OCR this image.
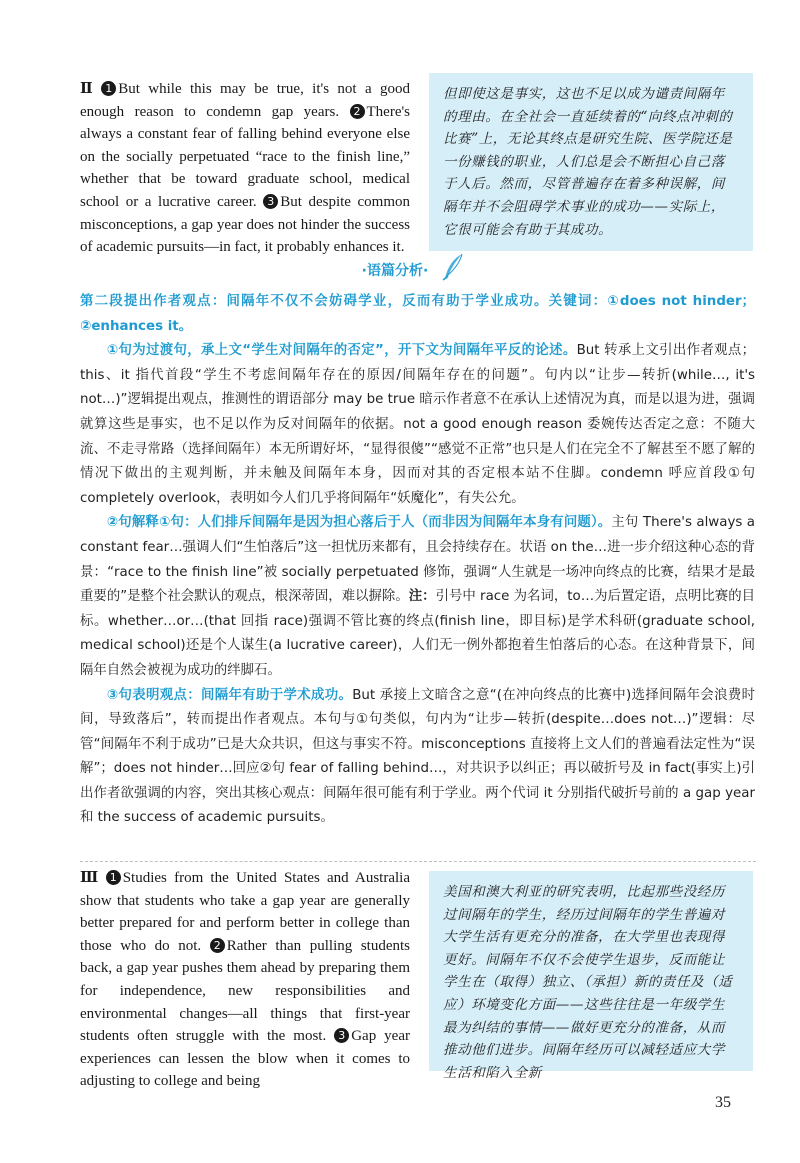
Ⅱ 1 But while this may be true, it's not a good enough reason to condemn gap years. 2 There's always a constant fear of falling behind everyone else on the socially perpetuated “race to the finish line,” whether that be toward graduate school, medical school or a lucrative career. 3 But despite common misconceptions, a gap year does not hinder the success of academic pursuits—in fact, it probably enhances it.
但即使这是事实，这也不足以成为谴责间隔年的理由。在全社会一直延续着的“向终点冲刺的比赛”上，无论其终点是研究生院、医学院还是一份赚钱的职业，人们总是会不断担心自己落于人后。然而，尽管普遍存在着多种误解，间隔年并不会阻碍学术事业的成功——实际上，它很可能会有助于其成功。
·语篇分析·

第二段提出作者观点：间隔年不仅不会妨碍学业，反而有助于学业成功。关键词：①does not hinder；②enhances it。

①句为过渡句，承上文“学生对间隔年的否定”，开下文为间隔年平反的论述。But 转承上文引出作者观点；this、it 指代首段“学生不考虑间隔年存在的原因/间隔年存在的问题”。句内以“让步—转折(while…, it's not…)”逻辑提出观点，推测性的谓语部分 may be true 暗示作者意不在承认上述情况为真，而是以退为进，强调就算这些是事实，也不足以作为反对间隔年的依据。not a good enough reason 委婉传达否定之意：不随大流、不走寻常路（选择间隔年）本无所谓好坏，“显得很傻”“感觉不正常”也只是人们在完全不了解甚至不愿了解的情况下做出的主观判断，并未触及间隔年本身，因而对其的否定根本站不住脚。condemn 呼应首段①句 completely overlook，表明如今人们几乎将间隔年“妖魔化”，有失公允。

②句解释①句：人们排斥间隔年是因为担心落后于人（而非因为间隔年本身有问题）。主句 There's always a constant fear…强调人们“生怕落后”这一担忧历来都有，且会持续存在。状语 on the…进一步介绍这种心态的背景：“race to the finish line”被 socially perpetuated 修饰，强调“人生就是一场冲向终点的比赛，结果才是最重要的”是整个社会默认的观点，根深蒂固，难以摒除。注：引号中 race 为名词，to…为后置定语，点明比赛的目标。whether…or…(that 回指 race)强调不管比赛的终点(finish line，即目标)是学术科研(graduate school, medical school)还是个人谋生(a lucrative career)，人们无一例外都抱着生怕落后的心态。在这种背景下，间隔年自然会被视为成功的绊脚石。

③句表明观点：间隔年有助于学术成功。But 承接上文暗含之意“(在冲向终点的比赛中)选择间隔年会浪费时间，导致落后”，转而提出作者观点。本句与①句类似，句内为“让步—转折(despite…does not…)”逻辑：尽管“间隔年不利于成功”已是大众共识，但这与事实不符。misconceptions 直接将上文人们的普遍看法定性为“误解”；does not hinder…回应②句 fear of falling behind…，对共识予以纠正；再以破折号及 in fact(事实上)引出作者欲强调的内容，突出其核心观点：间隔年很可能有利于学业。两个代词 it 分别指代破折号前的 a gap year 和 the success of academic pursuits。

Ⅲ 1 Studies from the United States and Australia show that students who take a gap year are generally better prepared for and perform better in college than those who do not. 2 Rather than pulling students back, a gap year pushes them ahead by preparing them for independence, new responsibilities and environmental changes—all things that first-year students often struggle with the most. 3 Gap year experiences can lessen the blow when it comes to adjusting to college and being
美国和澳大利亚的研究表明，比起那些没经历过间隔年的学生，经历过间隔年的学生普遍对大学生活有更充分的准备，在大学里也表现得更好。间隔年不仅不会使学生退步，反而能让学生在（取得）独立、（承担）新的责任及（适应）环境变化方面——这些往往是一年级学生最为纠结的事情——做好更充分的准备，从而推动他们进步。间隔年经历可以减轻适应大学生活和陷入全新
35
